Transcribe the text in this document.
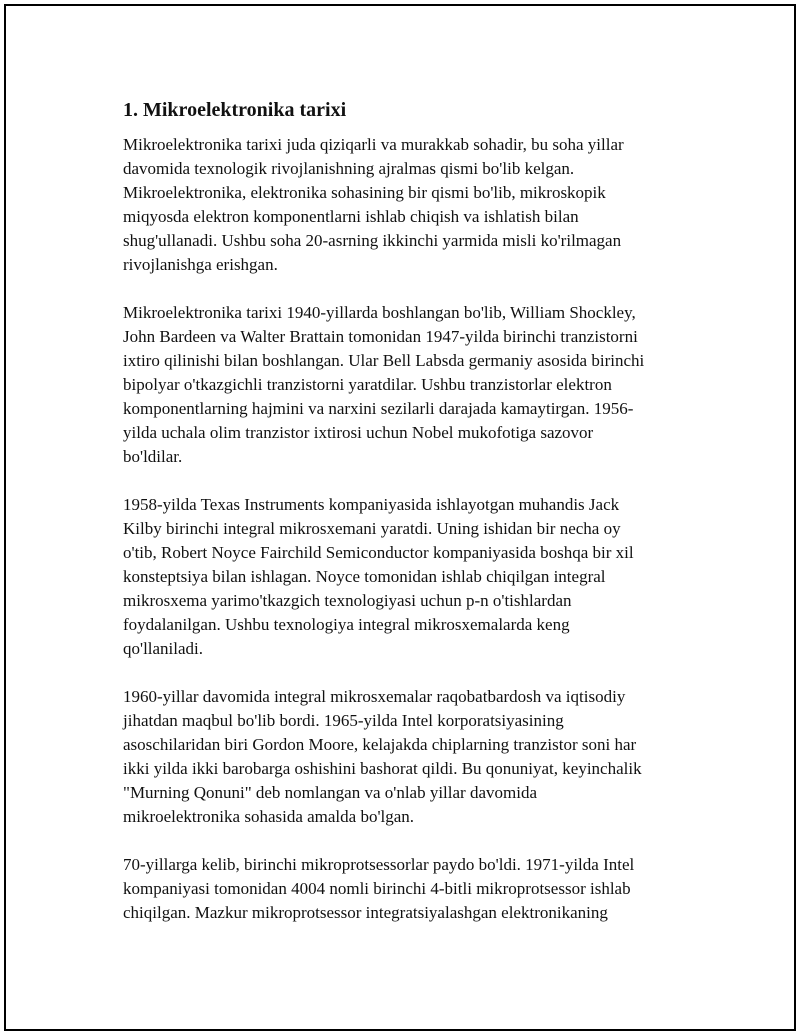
1. Mikroelektronika tarixi
Mikroelektronika tarixi juda qiziqarli va murakkab sohadir, bu soha yillar
davomida texnologik rivojlanishning ajralmas qismi bo'lib kelgan.
Mikroelektronika, elektronika sohasining bir qismi bo'lib, mikroskopik
miqyosda elektron komponentlarni ishlab chiqish va ishlatish bilan
shug'ullanadi. Ushbu soha 20-asrning ikkinchi yarmida misli ko'rilmagan
rivojlanishga erishgan.
Mikroelektronika tarixi 1940-yillarda boshlangan bo'lib, William Shockley,
John Bardeen va Walter Brattain tomonidan 1947-yilda birinchi tranzistorni
ixtiro qilinishi bilan boshlangan. Ular Bell Labsda germaniy asosida birinchi
bipolyar o'tkazgichli tranzistorni yaratdilar. Ushbu tranzistorlar elektron
komponentlarning hajmini va narxini sezilarli darajada kamaytirgan. 1956-
yilda uchala olim tranzistor ixtirosi uchun Nobel mukofotiga sazovor
bo'ldilar.
1958-yilda Texas Instruments kompaniyasida ishlayotgan muhandis Jack
Kilby birinchi integral mikrosxemani yaratdi. Uning ishidan bir necha oy
o'tib, Robert Noyce Fairchild Semiconductor kompaniyasida boshqa bir xil
konsteptsiya bilan ishlagan. Noyce tomonidan ishlab chiqilgan integral
mikrosxema yarimo'tkazgich texnologiyasi uchun p-n o'tishlardan
foydalanilgan. Ushbu texnologiya integral mikrosxemalarda keng
qo'llaniladi.
1960-yillar davomida integral mikrosxemalar raqobatbardosh va iqtisodiy
jihatdan maqbul bo'lib bordi. 1965-yilda Intel korporatsiyasining
asoschilaridan biri Gordon Moore, kelajakda chiplarning tranzistor soni har
ikki yilda ikki barobarga oshishini bashorat qildi. Bu qonuniyat, keyinchalik
"Murning Qonuni" deb nomlangan va o'nlab yillar davomida
mikroelektronika sohasida amalda bo'lgan.
70-yillarga kelib, birinchi mikroprotsessorlar paydo bo'ldi. 1971-yilda Intel
kompaniyasi tomonidan 4004 nomli birinchi 4-bitli mikroprotsessor ishlab
chiqilgan. Mazkur mikroprotsessor integratsiyalashgan elektronikaning
